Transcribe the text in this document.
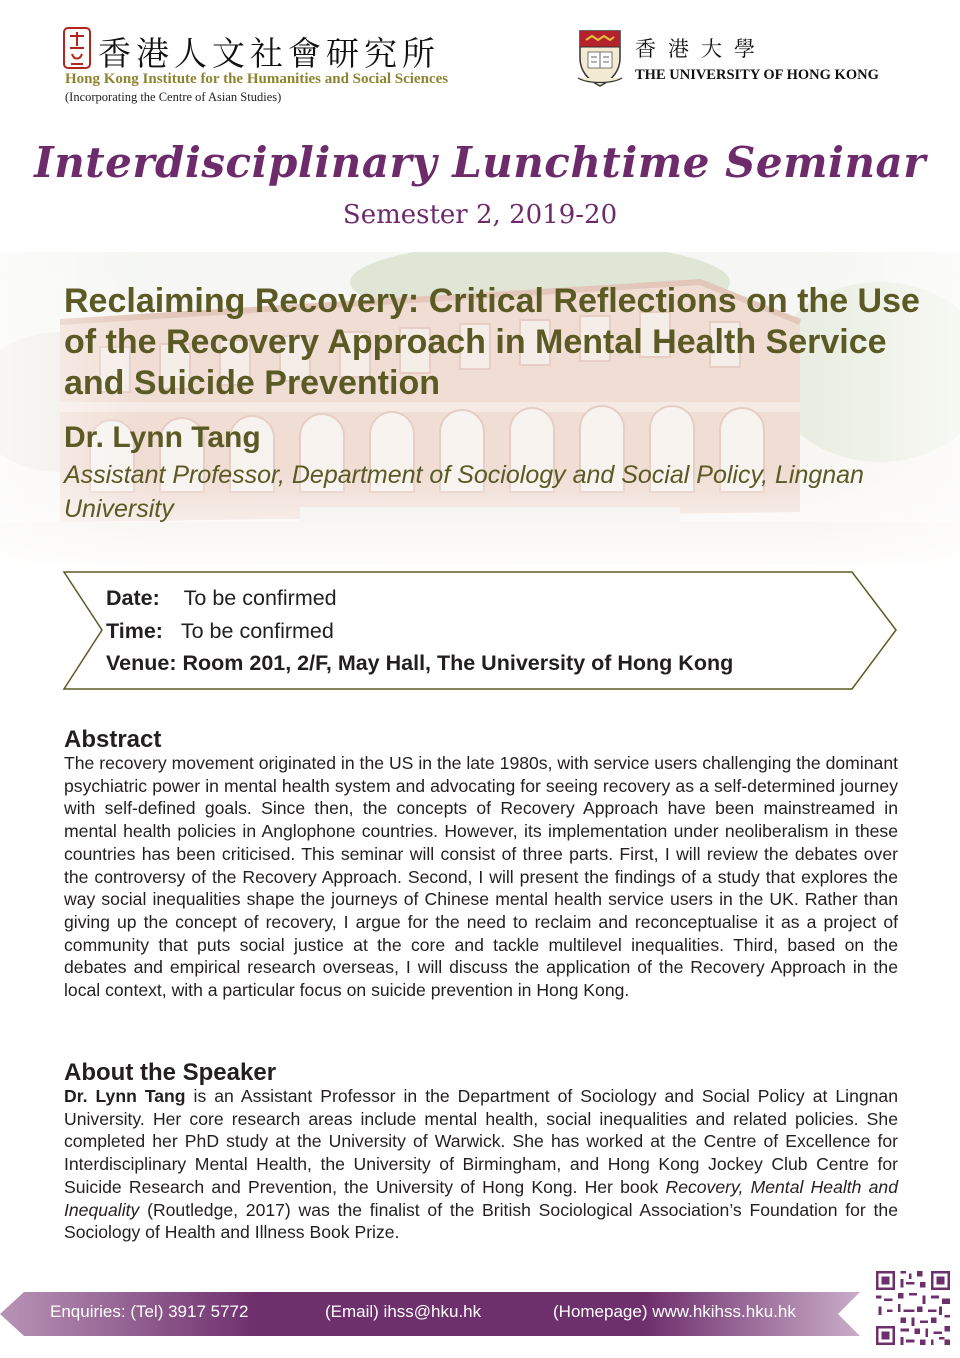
香港人文社會研究所
Hong Kong Institute for the Humanities and Social Sciences
(Incorporating the Centre of Asian Studies)
香港大學
THE UNIVERSITY OF HONG KONG
Interdisciplinary Lunchtime Seminar
Semester 2, 2019-20
Reclaiming Recovery: Critical Reflections on the Use of the Recovery Approach in Mental Health Service and Suicide Prevention
Dr. Lynn Tang
Assistant Professor, Department of Sociology and Social Policy, Lingnan University
Date: To be confirmed
Time: To be confirmed
Venue: Room 201, 2/F, May Hall, The University of Hong Kong
Abstract
The recovery movement originated in the US in the late 1980s, with service users challenging the dominant psychiatric power in mental health system and advocating for seeing recovery as a self-determined journey with self-defined goals. Since then, the concepts of Recovery Approach have been mainstreamed in mental health policies in Anglophone countries. However, its implementation under neoliberalism in these countries has been criticised. This seminar will consist of three parts. First, I will review the debates over the controversy of the Recovery Approach. Second, I will present the findings of a study that explores the way social inequalities shape the journeys of Chinese mental health service users in the UK. Rather than giving up the concept of recovery, I argue for the need to reclaim and reconceptualise it as a project of community that puts social justice at the core and tackle multilevel inequalities. Third, based on the debates and empirical research overseas, I will discuss the application of the Recovery Approach in the local context, with a particular focus on suicide prevention in Hong Kong.
About the Speaker
Dr. Lynn Tang is an Assistant Professor in the Department of Sociology and Social Policy at Lingnan University. Her core research areas include mental health, social inequalities and related policies. She completed her PhD study at the University of Warwick. She has worked at the Centre of Excellence for Interdisciplinary Mental Health, the University of Birmingham, and Hong Kong Jockey Club Centre for Suicide Research and Prevention, the University of Hong Kong. Her book Recovery, Mental Health and Inequality (Routledge, 2017) was the finalist of the British Sociological Association’s Foundation for the Sociology of Health and Illness Book Prize.
Enquiries: (Tel) 3917 5772	(Email) ihss@hku.hk	(Homepage) www.hkihss.hku.hk
